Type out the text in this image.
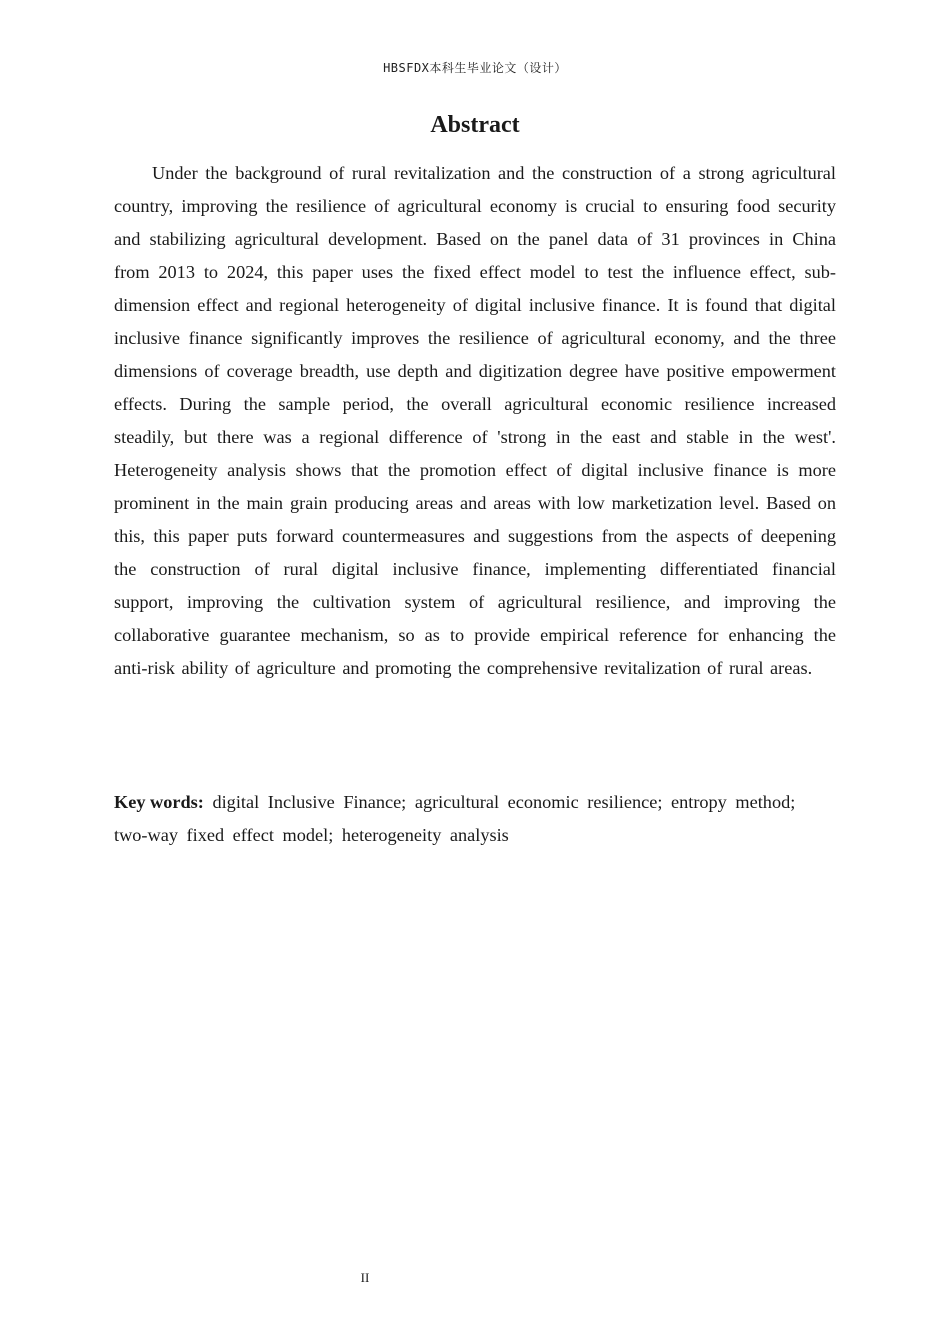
HBSFDX本科生毕业论文（设计）
Abstract

Under the background of rural revitalization and the construction of a strong agricultural country, improving the resilience of agricultural economy is crucial to ensuring food security and stabilizing agricultural development. Based on the panel data of 31 provinces in China from 2013 to 2024, this paper uses the fixed effect model to test the influence effect, sub-dimension effect and regional heterogeneity of digital inclusive finance. It is found that digital inclusive finance significantly improves the resilience of agricultural economy, and the three dimensions of coverage breadth, use depth and digitization degree have positive empowerment effects. During the sample period, the overall agricultural economic resilience increased steadily, but there was a regional difference of 'strong in the east and stable in the west'. Heterogeneity analysis shows that the promotion effect of digital inclusive finance is more prominent in the main grain producing areas and areas with low marketization level. Based on this, this paper puts forward countermeasures and suggestions from the aspects of deepening the construction of rural digital inclusive finance, implementing differentiated financial support, improving the cultivation system of agricultural resilience, and improving the collaborative guarantee mechanism, so as to provide empirical reference for enhancing the anti-risk ability of agriculture and promoting the comprehensive revitalization of rural areas.

Key words: digital Inclusive Finance; agricultural economic resilience; entropy method; two-way fixed effect model; heterogeneity analysis

II
